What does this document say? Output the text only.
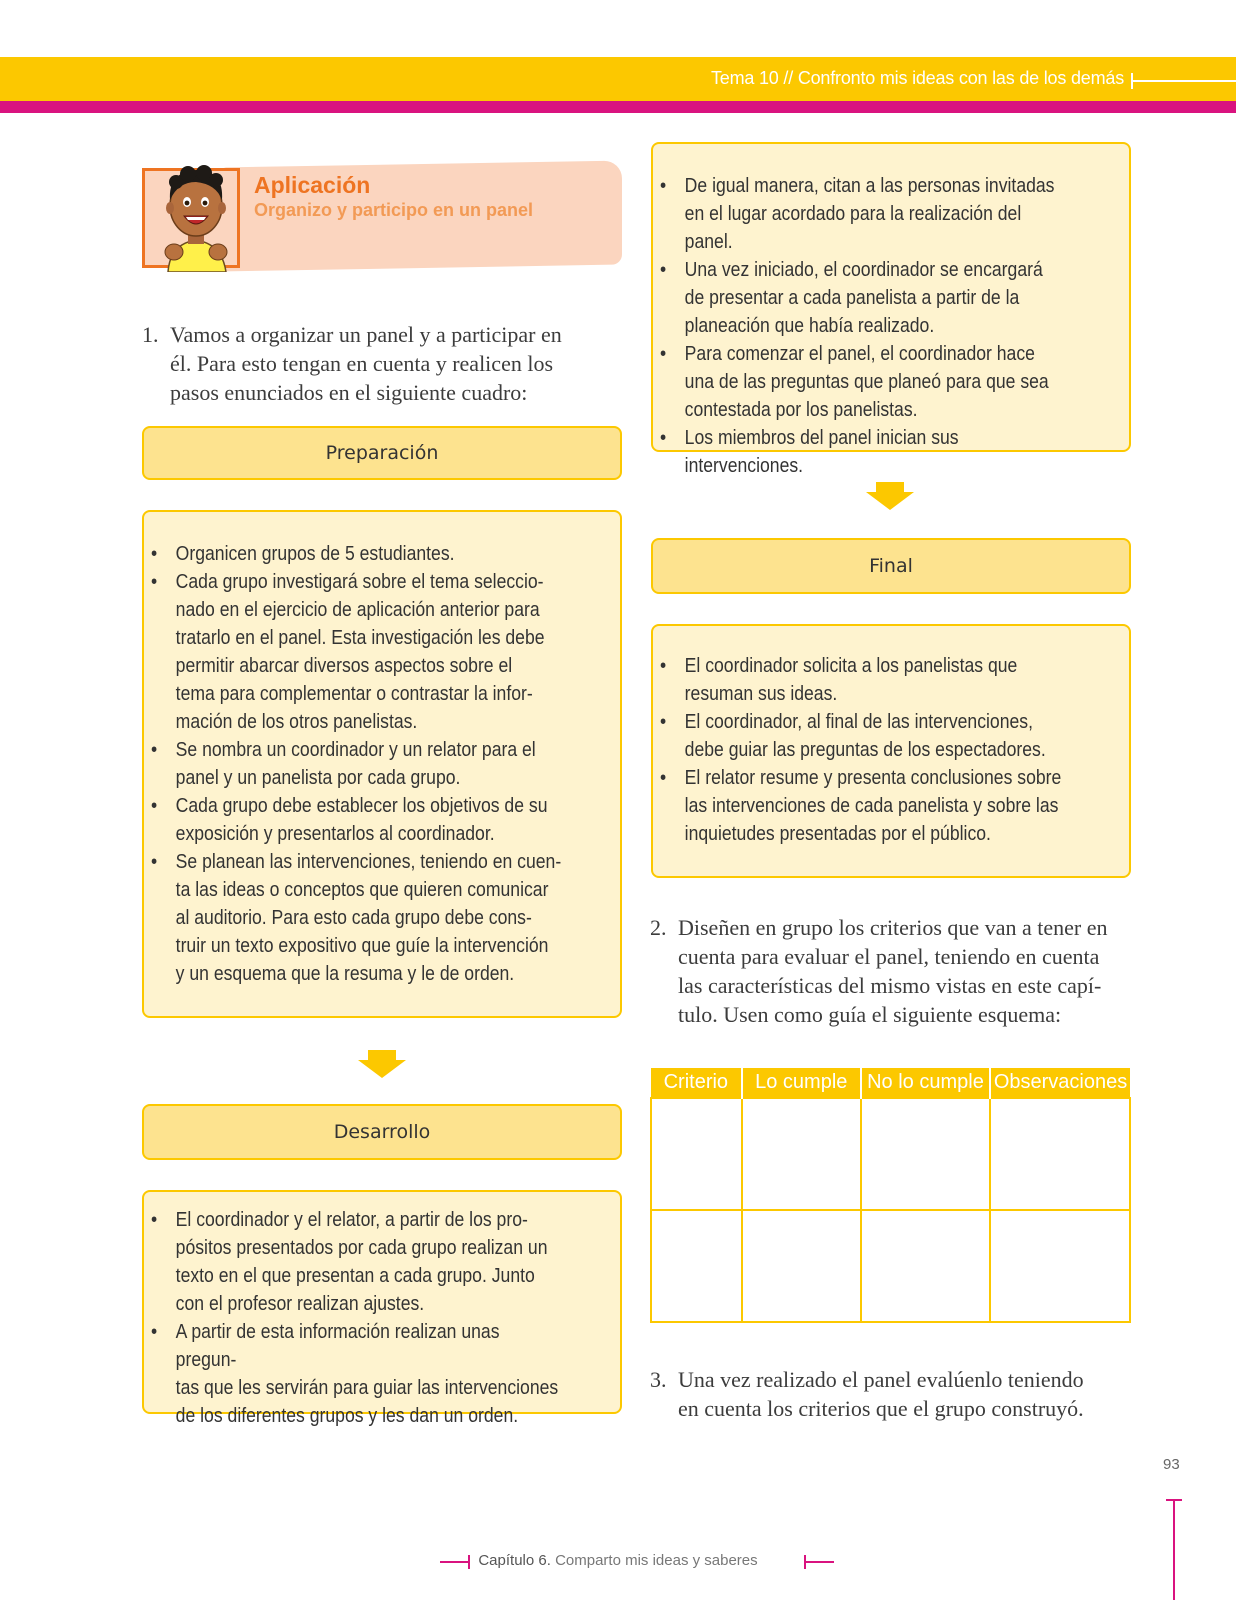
Tema 10 // Confronto mis ideas con las de los demás
Aplicación
Organizo y participo en un panel
1. Vamos a organizar un panel y a participar en
él. Para esto tengan en cuenta y realicen los
pasos enunciados en el siguiente cuadro:
Preparación
• Organicen grupos de 5 estudiantes.
• Cada grupo investigará sobre el tema seleccio-
nado en el ejercicio de aplicación anterior para
tratarlo en el panel. Esta investigación les debe
permitir abarcar diversos aspectos sobre el
tema para complementar o contrastar la infor-
mación de los otros panelistas.
• Se nombra un coordinador y un relator para el
panel y un panelista por cada grupo.
• Cada grupo debe establecer los objetivos de su
exposición y presentarlos al coordinador.
• Se planean las intervenciones, teniendo en cuen-
ta las ideas o conceptos que quieren comunicar
al auditorio. Para esto cada grupo debe cons-
truir un texto expositivo que guíe la intervención
y un esquema que la resuma y le de orden.
Desarrollo
• El coordinador y el relator, a partir de los pro-
pósitos presentados por cada grupo realizan un
texto en el que presentan a cada grupo. Junto
con el profesor realizan ajustes.
• A partir de esta información realizan unas pregun-
tas que les servirán para guiar las intervenciones
de los diferentes grupos y les dan un orden.
• De igual manera, citan a las personas invitadas
en el lugar acordado para la realización del panel.
• Una vez iniciado, el coordinador se encargará
de presentar a cada panelista a partir de la
planeación que había realizado.
• Para comenzar el panel, el coordinador hace
una de las preguntas que planeó para que sea
contestada por los panelistas.
• Los miembros del panel inician sus intervenciones.
Final
• El coordinador solicita a los panelistas que
resuman sus ideas.
• El coordinador, al final de las intervenciones,
debe guiar las preguntas de los espectadores.
• El relator resume y presenta conclusiones sobre
las intervenciones de cada panelista y sobre las
inquietudes presentadas por el público.
2. Diseñen en grupo los criterios que van a tener en
cuenta para evaluar el panel, teniendo en cuenta
las características del mismo vistas en este capí-
tulo. Usen como guía el siguiente esquema:
Criterio	Lo cumple	No lo cumple	Observaciones

3. Una vez realizado el panel evalúenlo teniendo
en cuenta los criterios que el grupo construyó.
93
Capítulo 6. Comparto mis ideas y saberes
